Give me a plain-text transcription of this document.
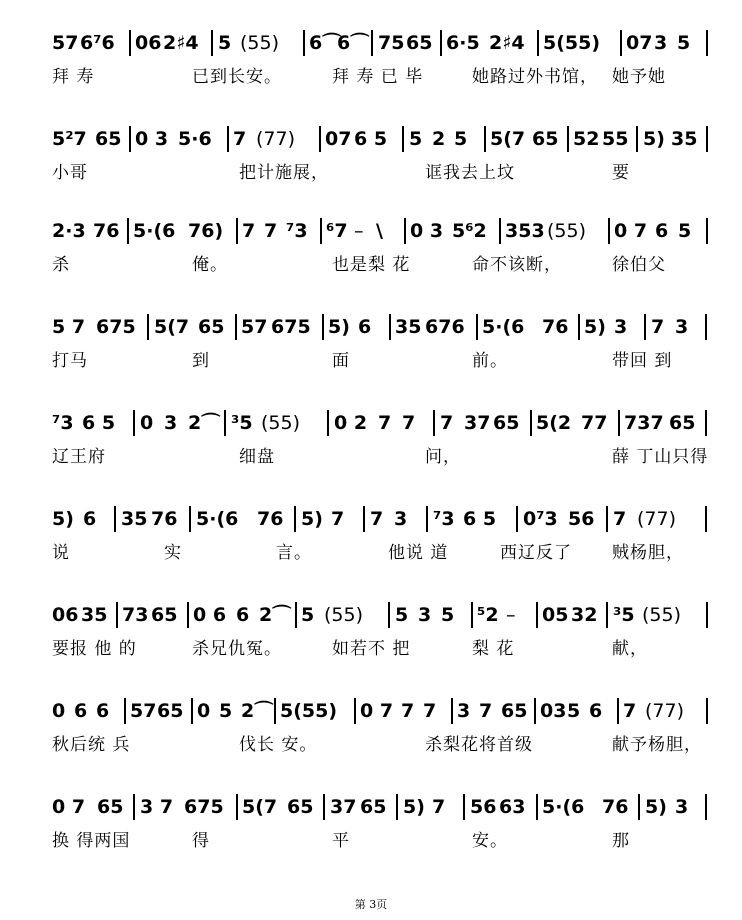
57 6⁷6 06 2♯4 5 (55) 6⌒
6⌒ 75 65 6·5 2♯4 5(55) 07 3 5
拜 寿	已到长安。	拜 寿 已 毕	她路过外书馆， 她予她
5²7 65 0 3 5·6 7 (77) 07 6 5 5 2 5 5(7 65 52 55 5) 35
小哥	把计施展，	诓我去上坟	要
2·3 76 5·(6 76) 7 7 ⁷3 ⁶7 – \ 0 3 5⁶2 353 (55) 0 7 6 5
杀	俺。	也是梨 花	命不该断，	徐伯父
5 7 675 5(7 65 57 675 5) 6 35 676 5·(6 76 5) 3 7 3
打马	到	面	前。	带回 到
⁷3 6 5 0 3 2⌒ ³5 (55) 0 2 7 7 7 37 65 5(2 77 737 65
辽王府	细盘	问，	薛 丁山只得
5) 6 35 76 5·(6 76 5) 7 7 3 ⁷3 6 5 0⁷3 56 7 (77)
说	实	言。	他说 道	西辽反了 贼杨胆，
06 35 73 65 0 6 6 2⌒ 5 (55) 5 3 5 ⁵2 – 05 32 ³5 (55)
要报 他 的	杀兄仇冤。	如若不 把	梨 花	献，
0 6 6 57 65 0 5 2⌒ 5(55) 0 7 7 7 3 7 65 03 5 6 7 (77)
秋后统 兵	伐长 安。	杀梨花将首级	献予杨胆，
0 7 65 3 7 675 5(7 65 37 65 5) 7 56 63 5·(6 76 5) 3
换 得两国	得	平	安。	那
第 3页
